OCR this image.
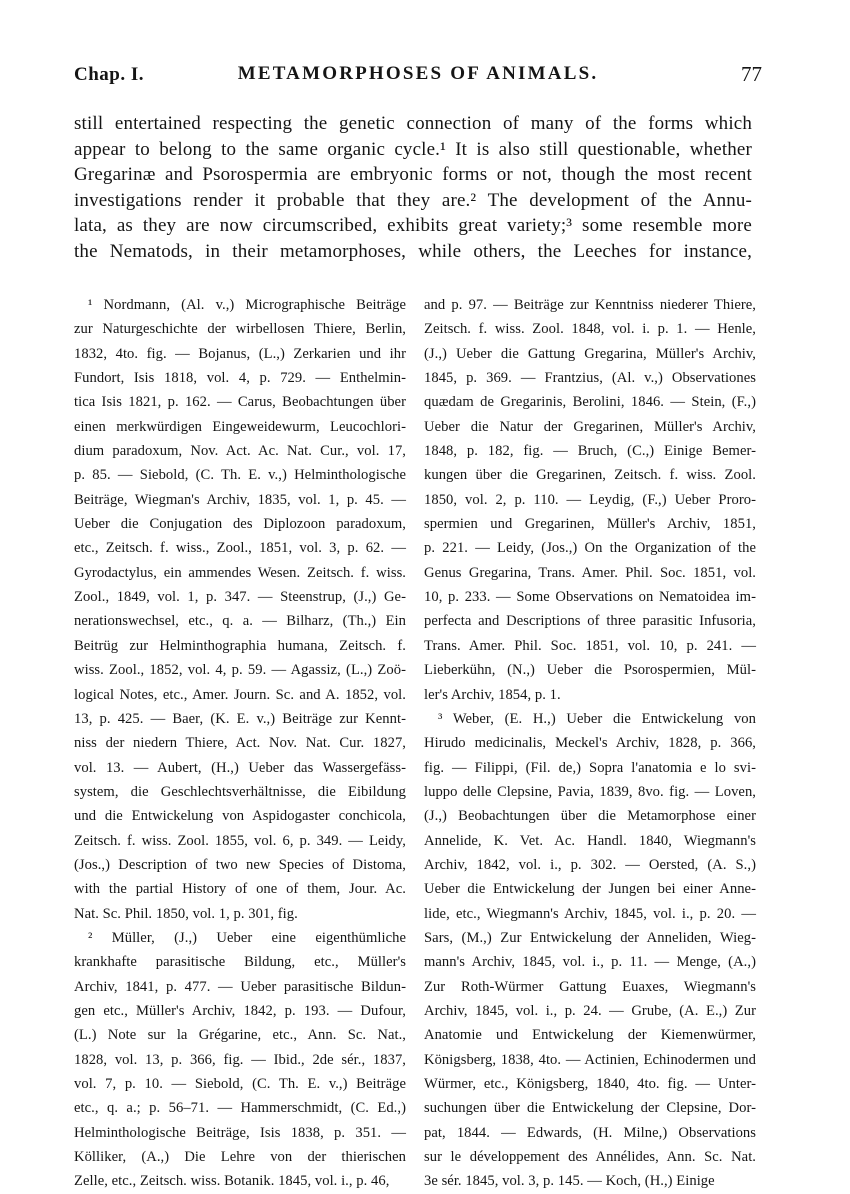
Chap. I.	METAMORPHOSES OF ANIMALS.	77
still entertained respecting the genetic connection of many of the forms which
appear to belong to the same organic cycle.¹ It is also still questionable, whether
Gregarinæ and Psorospermia are embryonic forms or not, though the most recent
investigations render it probable that they are.² The development of the Annu-
lata, as they are now circumscribed, exhibits great variety;³ some resemble more
the Nematods, in their metamorphoses, while others, the Leeches for instance,
¹ Nordmann, (Al. v.,) Micrographische Beiträge
zur Naturgeschichte der wirbellosen Thiere, Berlin,
1832, 4to. fig. — Bojanus, (L.,) Zerkarien und ihr
Fundort, Isis 1818, vol. 4, p. 729. — Enthelmin-
tica Isis 1821, p. 162. — Carus, Beobachtungen über
einen merkwürdigen Eingeweidewurm, Leucochlori-
dium paradoxum, Nov. Act. Ac. Nat. Cur., vol. 17,
p. 85. — Siebold, (C. Th. E. v.,) Helminthologische
Beiträge, Wiegman's Archiv, 1835, vol. 1, p. 45. —
Ueber die Conjugation des Diplozoon paradoxum,
etc., Zeitsch. f. wiss., Zool., 1851, vol. 3, p. 62. —
Gyrodactylus, ein ammendes Wesen. Zeitsch. f. wiss.
Zool., 1849, vol. 1, p. 347. — Steenstrup, (J.,) Ge-
nerationswechsel, etc., q. a. — Bilharz, (Th.,) Ein
Beitrüg zur Helminthographia humana, Zeitsch. f.
wiss. Zool., 1852, vol. 4, p. 59. — Agassiz, (L.,) Zoö-
logical Notes, etc., Amer. Journ. Sc. and A. 1852, vol.
13, p. 425. — Baer, (K. E. v.,) Beiträge zur Kennt-
niss der niedern Thiere, Act. Nov. Nat. Cur. 1827,
vol. 13. — Aubert, (H.,) Ueber das Wassergefäss-
system, die Geschlechtsverhältnisse, die Eibildung
und die Entwickelung von Aspidogaster conchicola,
Zeitsch. f. wiss. Zool. 1855, vol. 6, p. 349. — Leidy,
(Jos.,) Description of two new Species of Distoma,
with the partial History of one of them, Jour. Ac.
Nat. Sc. Phil. 1850, vol. 1, p. 301, fig.
² Müller, (J.,) Ueber eine eigenthümliche
krankhafte parasitische Bildung, etc., Müller's
Archiv, 1841, p. 477. — Ueber parasitische Bildun-
gen etc., Müller's Archiv, 1842, p. 193. — Dufour,
(L.) Note sur la Grégarine, etc., Ann. Sc. Nat.,
1828, vol. 13, p. 366, fig. — Ibid., 2de sér., 1837,
vol. 7, p. 10. — Siebold, (C. Th. E. v.,) Beiträge
etc., q. a.; p. 56–71. — Hammerschmidt, (C. Ed.,)
Helminthologische Beiträge, Isis 1838, p. 351. —
Kölliker, (A.,) Die Lehre von der thierischen
Zelle, etc., Zeitsch. wiss. Botanik. 1845, vol. i., p. 46,
and p. 97. — Beiträge zur Kenntniss niederer Thiere,
Zeitsch. f. wiss. Zool. 1848, vol. i. p. 1. — Henle,
(J.,) Ueber die Gattung Gregarina, Müller's Archiv,
1845, p. 369. — Frantzius, (Al. v.,) Observationes
quædam de Gregarinis, Berolini, 1846. — Stein, (F.,)
Ueber die Natur der Gregarinen, Müller's Archiv,
1848, p. 182, fig. — Bruch, (C.,) Einige Bemer-
kungen über die Gregarinen, Zeitsch. f. wiss. Zool.
1850, vol. 2, p. 110. — Leydig, (F.,) Ueber Proro-
spermien und Gregarinen, Müller's Archiv, 1851,
p. 221. — Leidy, (Jos.,) On the Organization of the
Genus Gregarina, Trans. Amer. Phil. Soc. 1851, vol.
10, p. 233. — Some Observations on Nematoidea im-
perfecta and Descriptions of three parasitic Infusoria,
Trans. Amer. Phil. Soc. 1851, vol. 10, p. 241. —
Lieberkühn, (N.,) Ueber die Psorospermien, Mül-
ler's Archiv, 1854, p. 1.
³ Weber, (E. H.,) Ueber die Entwickelung von
Hirudo medicinalis, Meckel's Archiv, 1828, p. 366,
fig. — Filippi, (Fil. de,) Sopra l'anatomia e lo svi-
luppo delle Clepsine, Pavia, 1839, 8vo. fig. — Loven,
(J.,) Beobachtungen über die Metamorphose einer
Annelide, K. Vet. Ac. Handl. 1840, Wiegmann's
Archiv, 1842, vol. i., p. 302. — Oersted, (A. S.,)
Ueber die Entwickelung der Jungen bei einer Anne-
lide, etc., Wiegmann's Archiv, 1845, vol. i., p. 20. —
Sars, (M.,) Zur Entwickelung der Anneliden, Wieg-
mann's Archiv, 1845, vol. i., p. 11. — Menge, (A.,)
Zur Roth-Würmer Gattung Euaxes, Wiegmann's
Archiv, 1845, vol. i., p. 24. — Grube, (A. E.,) Zur
Anatomie und Entwickelung der Kiemenwürmer,
Königsberg, 1838, 4to. — Actinien, Echinodermen und
Würmer, etc., Königsberg, 1840, 4to. fig. — Unter-
suchungen über die Entwickelung der Clepsine, Dor-
pat, 1844. — Edwards, (H. Milne,) Observations
sur le développement des Annélides, Ann. Sc. Nat.
3e sér. 1845, vol. 3, p. 145. — Koch, (H.,) Einige
